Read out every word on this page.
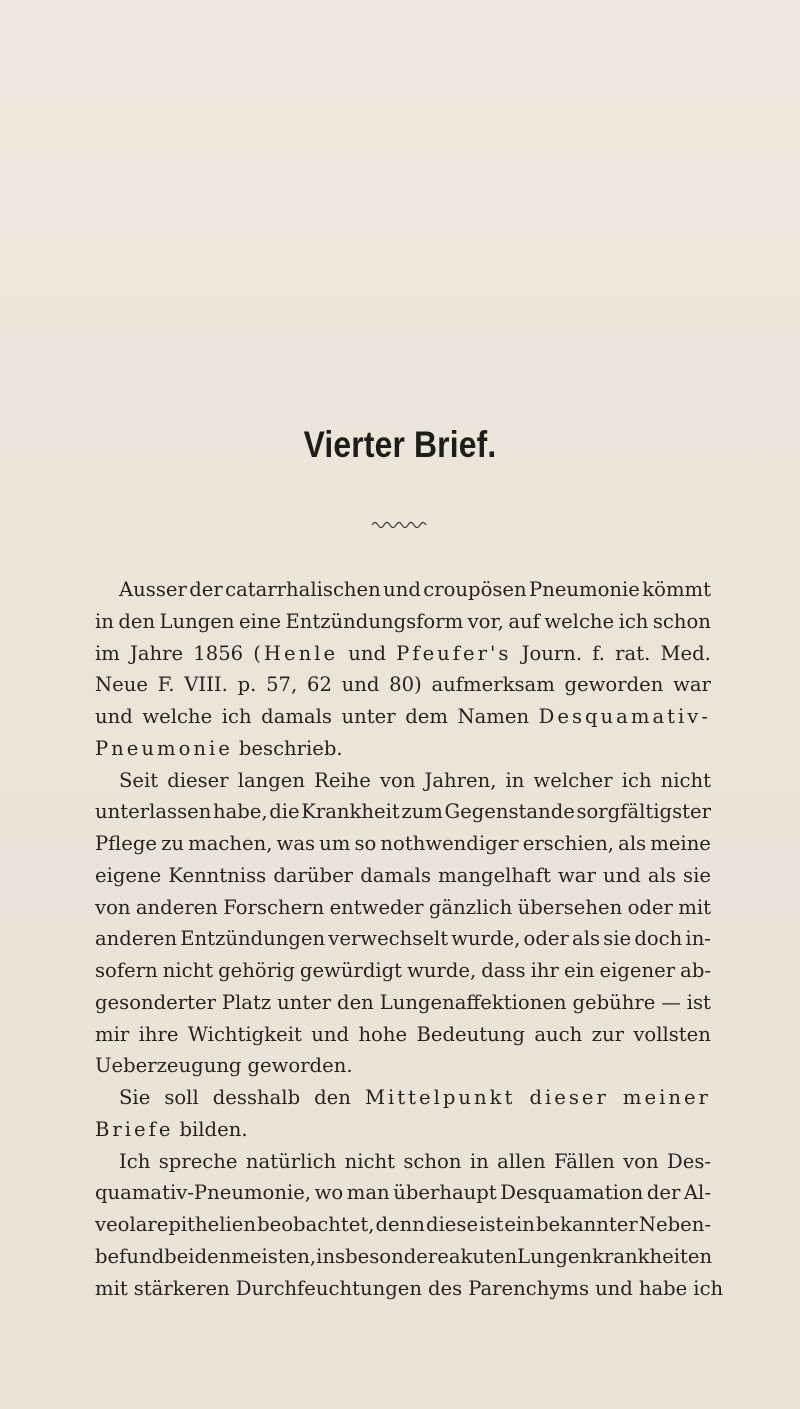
Vierter Brief.
Ausser der catarrhalischen und croupösen Pneumonie kömmt
in den Lungen eine Entzündungsform vor, auf welche ich schon
im Jahre 1856 (Henle und Pfeufer's Journ. f. rat. Med.
Neue F. VIII. p. 57, 62 und 80) aufmerksam geworden war
und welche ich damals unter dem Namen Desquamativ-
Pneumonie beschrieb.
Seit dieser langen Reihe von Jahren, in welcher ich nicht
unterlassen habe, die Krankheit zum Gegenstande sorgfältigster
Pflege zu machen, was um so nothwendiger erschien, als meine
eigene Kenntniss darüber damals mangelhaft war und als sie
von anderen Forschern entweder gänzlich übersehen oder mit
anderen Entzündungen verwechselt wurde, oder als sie doch in-
sofern nicht gehörig gewürdigt wurde, dass ihr ein eigener ab-
gesonderter Platz unter den Lungenaffektionen gebühre — ist
mir ihre Wichtigkeit und hohe Bedeutung auch zur vollsten
Ueberzeugung geworden.
Sie soll desshalb den Mittelpunkt dieser meiner
Briefe bilden.
Ich spreche natürlich nicht schon in allen Fällen von Des-
quamativ-Pneumonie, wo man überhaupt Desquamation der Al-
veolarepithelien beobachtet, denn diese ist ein bekannter Neben-
befund bei den meisten, insbesondere akuten Lungenkrankheiten
mit stärkeren Durchfeuchtungen des Parenchyms und habe ich
